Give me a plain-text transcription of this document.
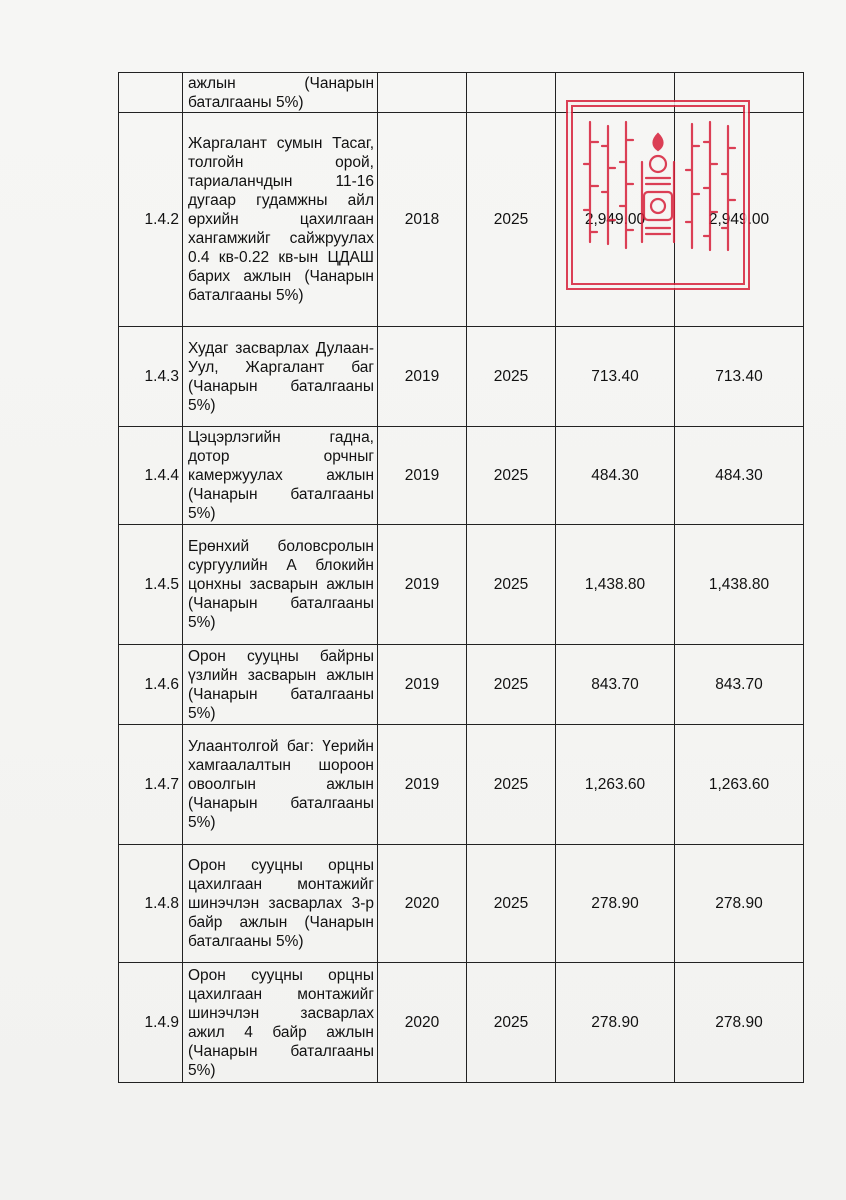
	ажлын (Чанарын баталгааны 5%)				
1.4.2	Жаргалант сумын Тасаг, толгойн орой, тариаланчдын 11-16 дугаар гудамжны айл өрхийн цахилгаан хангамжийг сайжруулах 0.4 кв-0.22 кв-ын ЦДАШ барих ажлын (Чанарын баталгааны 5%)	2018	2025	2,949.00	2,949.00
1.4.3	Худаг засварлах Дулаан-Уул, Жаргалант баг (Чанарын баталгааны 5%)	2019	2025	713.40	713.40
1.4.4	Цэцэрлэгийн гадна, дотор орчныг камержуулах ажлын (Чанарын баталгааны 5%)	2019	2025	484.30	484.30
1.4.5	Ерөнхий боловсролын сургуулийн А блокийн цонхны засварын ажлын (Чанарын баталгааны 5%)	2019	2025	1,438.80	1,438.80
1.4.6	Орон сууцны байрны үзлийн засварын ажлын (Чанарын баталгааны 5%)	2019	2025	843.70	843.70
1.4.7	Улаантолгой баг: Үерийн хамгаалалтын шороон овоолгын ажлын (Чанарын баталгааны 5%)	2019	2025	1,263.60	1,263.60
1.4.8	Орон сууцны орцны цахилгаан монтажийг шинэчлэн засварлах 3-р байр ажлын (Чанарын баталгааны 5%)	2020	2025	278.90	278.90
1.4.9	Орон сууцны орцны цахилгаан монтажийг шинэчлэн засварлах ажил 4 байр ажлын (Чанарын баталгааны 5%)	2020	2025	278.90	278.90
